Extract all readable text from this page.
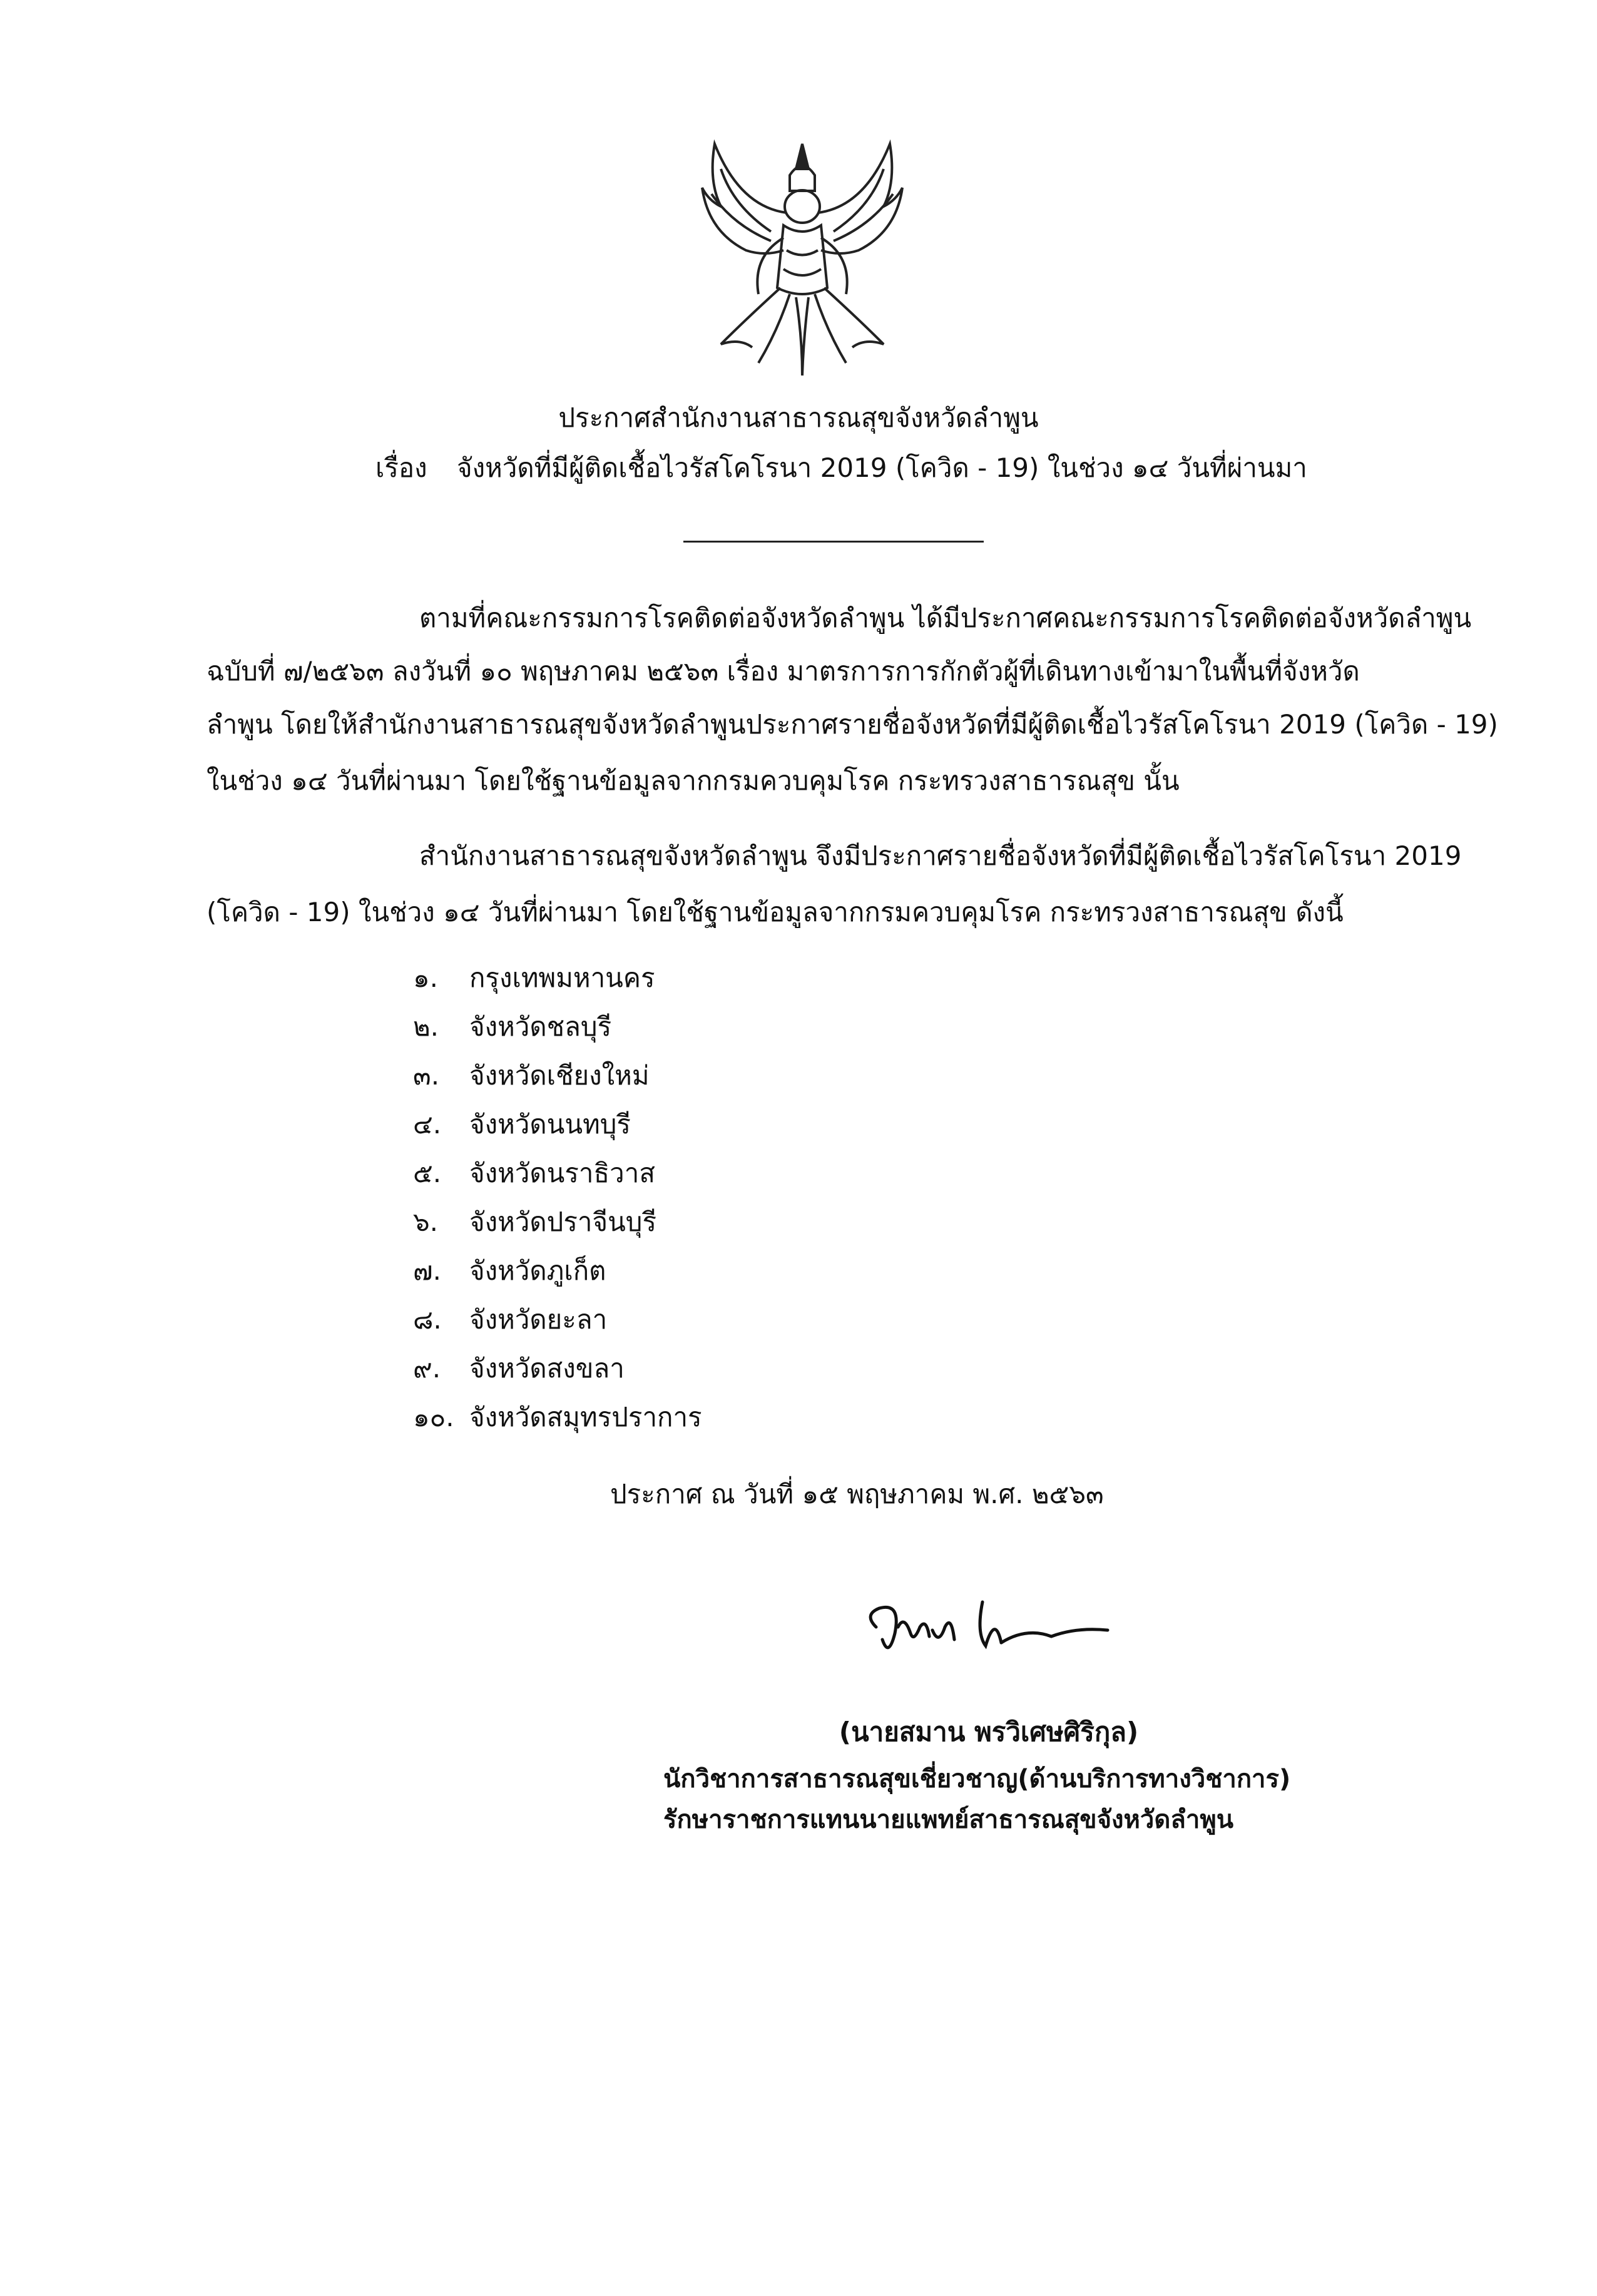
ประกาศสำนักงานสาธารณสุขจังหวัดลำพูน
เรื่อง จังหวัดที่มีผู้ติดเชื้อไวรัสโคโรนา 2019 (โควิด - 19) ในช่วง ๑๔ วันที่ผ่านมา
ตามที่คณะกรรมการโรคติดต่อจังหวัดลำพูน ได้มีประกาศคณะกรรมการโรคติดต่อจังหวัดลำพูน
ฉบับที่ ๗/๒๕๖๓ ลงวันที่ ๑๐ พฤษภาคม ๒๕๖๓ เรื่อง มาตรการการกักตัวผู้ที่เดินทางเข้ามาในพื้นที่จังหวัด
ลำพูน โดยให้สำนักงานสาธารณสุขจังหวัดลำพูนประกาศรายชื่อจังหวัดที่มีผู้ติดเชื้อไวรัสโคโรนา 2019 (โควิด - 19)
ในช่วง ๑๔ วันที่ผ่านมา โดยใช้ฐานข้อมูลจากกรมควบคุมโรค กระทรวงสาธารณสุข นั้น
สำนักงานสาธารณสุขจังหวัดลำพูน จึงมีประกาศรายชื่อจังหวัดที่มีผู้ติดเชื้อไวรัสโคโรนา 2019
(โควิด - 19) ในช่วง ๑๔ วันที่ผ่านมา โดยใช้ฐานข้อมูลจากกรมควบคุมโรค กระทรวงสาธารณสุข ดังนี้
๑. กรุงเทพมหานคร
๒. จังหวัดชลบุรี
๓. จังหวัดเชียงใหม่
๔. จังหวัดนนทบุรี
๕. จังหวัดนราธิวาส
๖. จังหวัดปราจีนบุรี
๗. จังหวัดภูเก็ต
๘. จังหวัดยะลา
๙. จังหวัดสงขลา
๑๐. จังหวัดสมุทรปราการ
ประกาศ ณ วันที่ ๑๕ พฤษภาคม พ.ศ. ๒๕๖๓
(นายสมาน พรวิเศษศิริกุล)
นักวิชาการสาธารณสุขเชี่ยวชาญ(ด้านบริการทางวิชาการ)
รักษาราชการแทนนายแพทย์สาธารณสุขจังหวัดลำพูน
